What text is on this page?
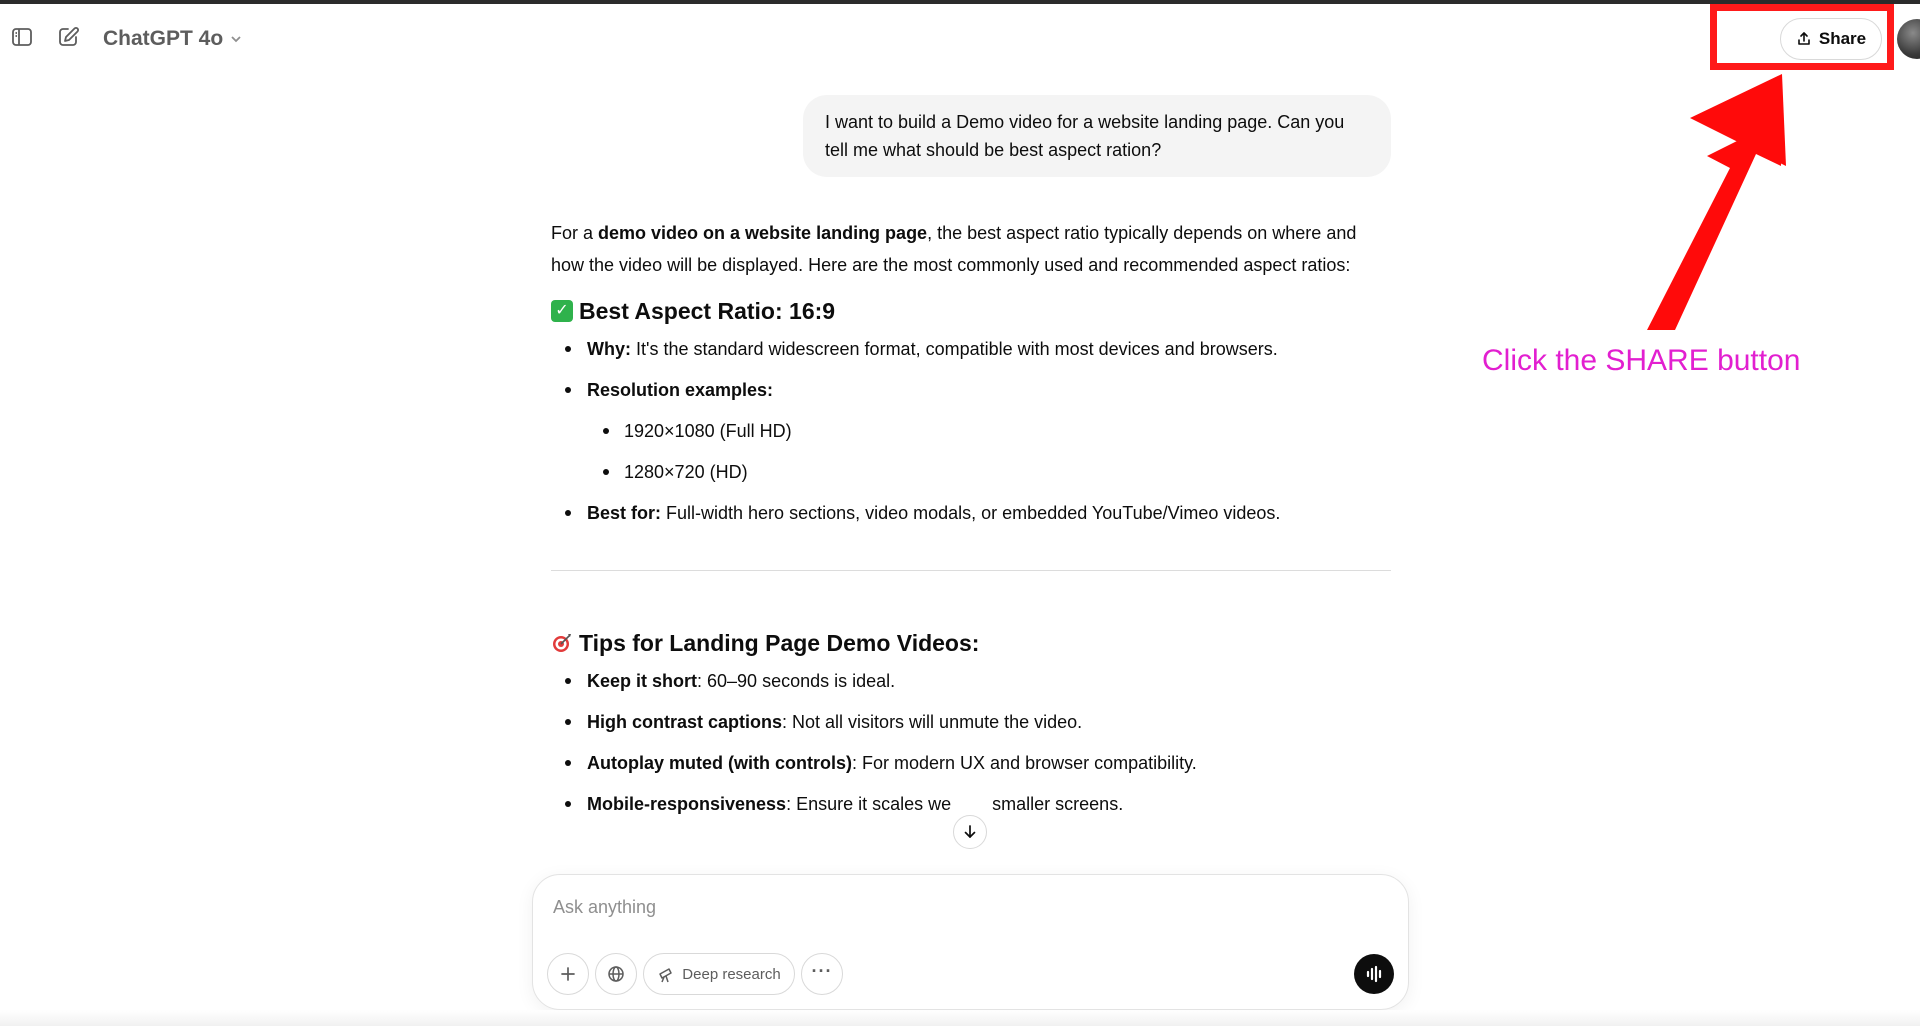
ChatGPT 4o	Share
Click the SHARE button
I want to build a Demo video for a website landing page. Can you tell me what should be best aspect ration?

For a demo video on a website landing page, the best aspect ratio typically depends on where and how the video will be displayed. Here are the most commonly used and recommended aspect ratios:

✓ Best Aspect Ratio: 16:9
Why: It's the standard widescreen format, compatible with most devices and browsers.
Resolution examples:
1920×1080 (Full HD)
1280×720 (HD)
Best for: Full-width hero sections, video modals, or embedded YouTube/Vimeo videos.
Tips for Landing Page Demo Videos:
Keep it short: 60–90 seconds is ideal.
High contrast captions: Not all visitors will unmute the video.
Autoplay muted (with controls): For modern UX and browser compatibility.
Mobile-responsiveness: Ensure it scales we smaller screens.
Ask anything
Deep research ···
